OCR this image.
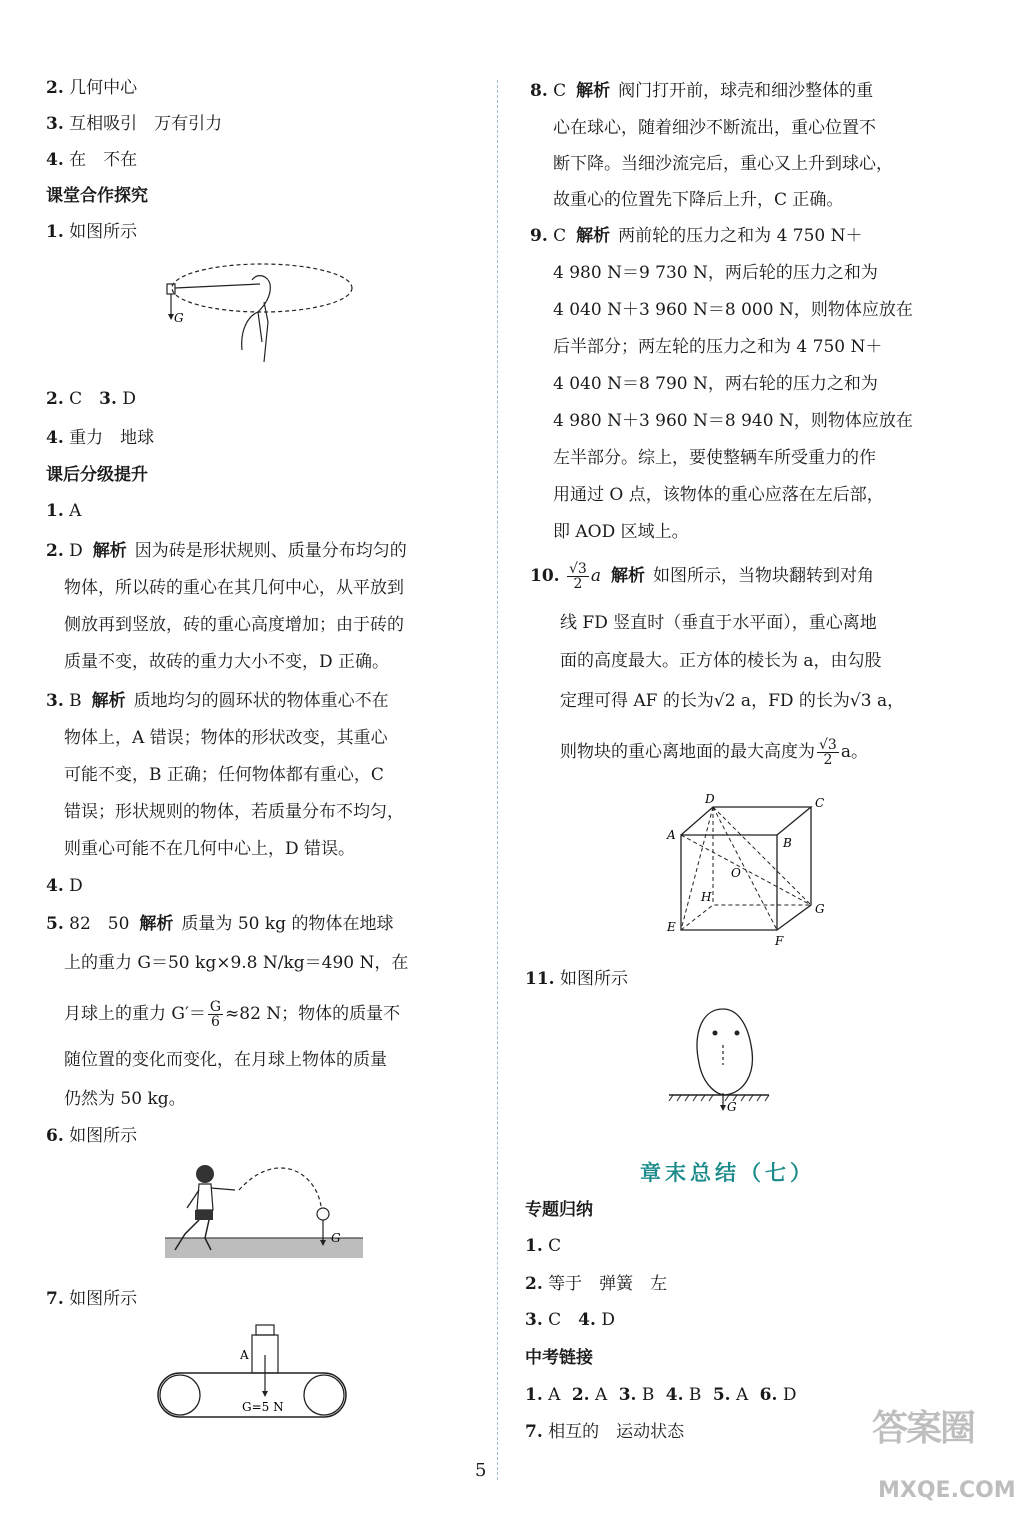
2. 几何中心
3. 互相吸引　万有引力
4. 在　不在
课堂合作探究
1. 如图所示
G
2. C　 3. D
4. 重力　地球
课后分级提升
1. A
2. D 解析 因为砖是形状规则、质量分布均匀的
物体，所以砖的重心在其几何中心，从平放到
侧放再到竖放，砖的重心高度增加；由于砖的
质量不变，故砖的重力大小不变，D 正确。
3. B 解析 质地均匀的圆环状的物体重心不在
物体上，A 错误；物体的形状改变，其重心
可能不变，B 正确；任何物体都有重心，C
错误；形状规则的物体，若质量分布不均匀，
则重心可能不在几何中心上，D 错误。
4. D
5. 82　50 解析 质量为 50 kg 的物体在地球
上的重力 G＝50 kg×9.8 N/kg＝490 N，在
月球上的重力 $G'= \frac{G}{6} \approx 82$ N；物体的质量不
随位置的变化而变化，在月球上物体的质量
仍然为 50 kg。
6. 如图所示
G
7. 如图所示
A
G=5 N
8. C 解析 阀门打开前，球壳和细沙整体的重
心在球心，随着细沙不断流出，重心位置不
断下降。当细沙流完后，重心又上升到球心，
故重心的位置先下降后上升，C 正确。
9. C 解析 两前轮的压力之和为 4 750 N＋
4 980 N＝9 730 N，两后轮的压力之和为
4 040 N＋3 960 N＝8 000 N，则物体应放在
后半部分；两左轮的压力之和为 4 750 N＋
4 040 N＝8 790 N，两右轮的压力之和为
4 980 N＋3 960 N＝8 940 N，则物体应放在
左半部分。综上，要使整辆车所受重力的作
用通过 O 点，该物体的重心应落在左后部，
即 AOD 区域上。
10. $\frac{√3}{2}$ a 解析 如图所示，当物块翻转到对角
线 FD 竖直时（垂直于水平面），重心离地
面的高度最大。正方体的棱长为 a，由勾股
定理可得 AF 的长为√2 a，FD 的长为√3 a，
则物块的重心离地面的最大高度为 $\frac{√3}{2}$ a。
A
B
C
D
E
F
G
H
O
11. 如图所示
G
章末总结（七）
专题归纳
1. C
2. 等于　弹簧　左
3. C　 4. D
中考链接
1. A 2. A 3. B 4. B 5. A 6. D
7. 相互的　运动状态
5
答案圈
MXQE.COM
